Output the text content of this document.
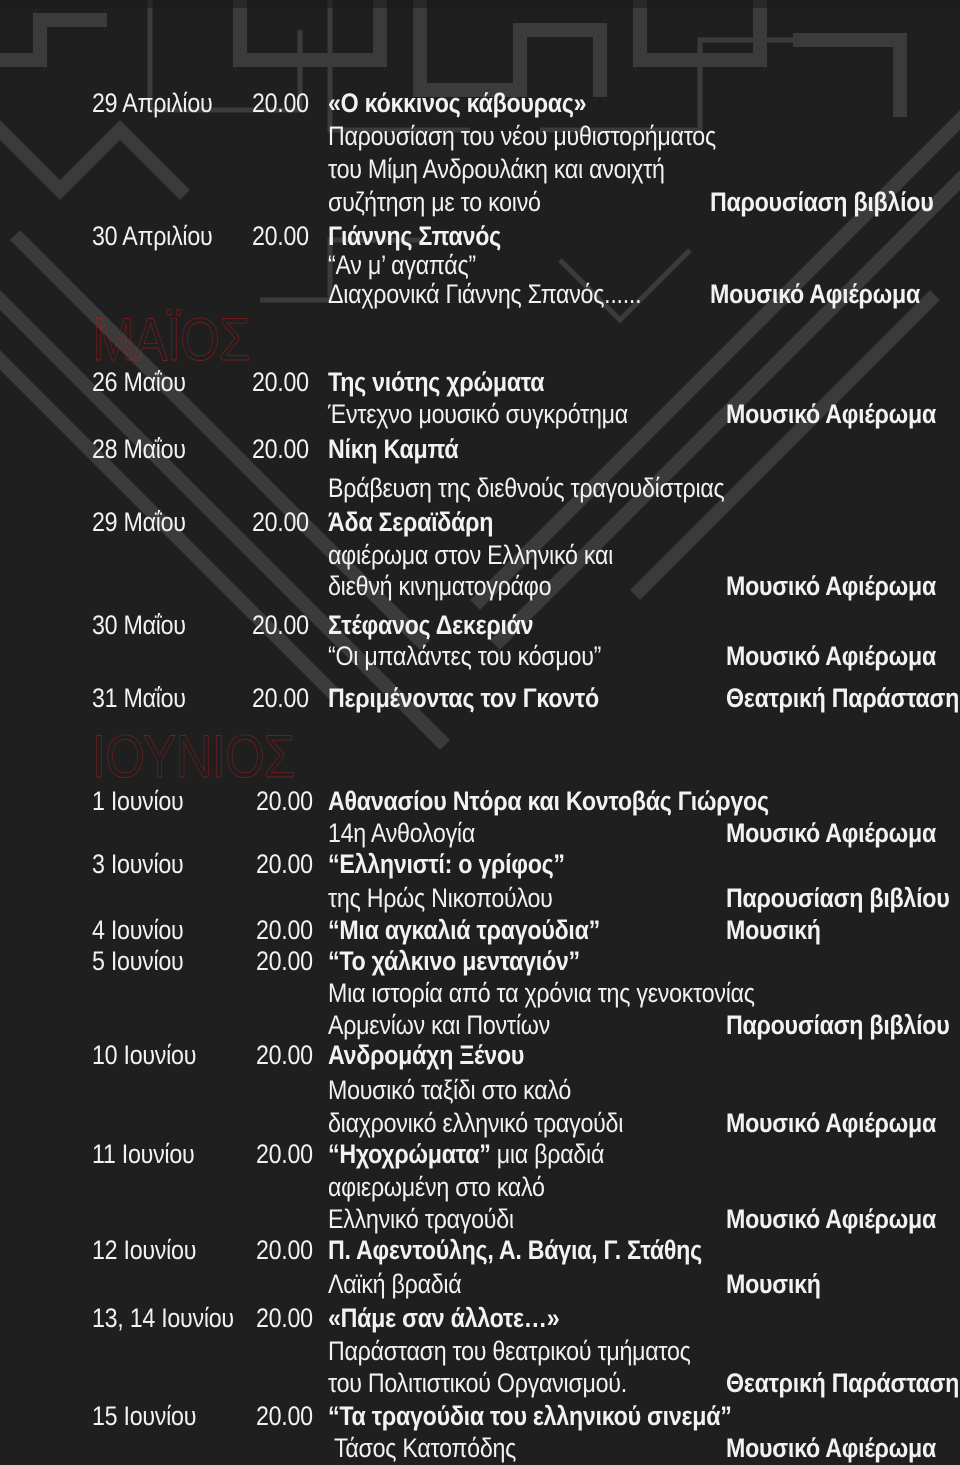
ΜΑΪΟΣ
ΙΟΥΝΙΟΣ
29 Απριλίου 20.00 «Ο κόκκινος κάβουρας»
Παρουσίαση του νέου μυθιστορήματος
του Μίμη Ανδρουλάκη και ανοιχτή
συζήτηση με το κοινό	Παρουσίαση βιβλίου
30 Απριλίου 20.00 Γιάννης Σπανός
“Αν μ’ αγαπάς”
Διαχρονικά Γιάννης Σπανός......	Μουσικό Αφιέρωμα
26 Μαΐου 20.00 Της νιότης χρώματα
Έντεχνο μουσικό συγκρότημα	Μουσικό Αφιέρωμα
28 Μαΐου 20.00 Νίκη Καμπά
Βράβευση της διεθνούς τραγουδίστριας
29 Μαΐου 20.00 Άδα Σεραϊδάρη
αφιέρωμα στον Ελληνικό και
διεθνή κινηματογράφο	Μουσικό Αφιέρωμα
30 Μαΐου 20.00 Στέφανος Δεκεριάν
“Οι μπαλάντες του κόσμου”	Μουσικό Αφιέρωμα
31 Μαΐου 20.00 Περιμένοντας τον Γκοντό	Θεατρική Παράσταση
1 Ιουνίου	20.00 Αθανασίου Ντόρα και Κοντοβάς Γιώργος
14η Ανθολογία	Μουσικό Αφιέρωμα
3 Ιουνίου	20.00 “Ελληνιστί: ο γρίφος”
της Ηρώς Νικοπούλου	Παρουσίαση βιβλίου
4 Ιουνίου	20.00 “Μια αγκαλιά τραγούδια”	Μουσική
5 Ιουνίου	20.00 “Το χάλκινο μενταγιόν”
Μια ιστορία από τα χρόνια της γενοκτονίας
Αρμενίων και Ποντίων	Παρουσίαση βιβλίου
10 Ιουνίου 20.00 Ανδρομάχη Ξένου
Μουσικό ταξίδι στο καλό
διαχρονικό ελληνικό τραγούδι	Μουσικό Αφιέρωμα
11 Ιουνίου 20.00 “Ηχοχρώματα” μια βραδιά
αφιερωμένη στο καλό
Ελληνικό τραγούδι	Μουσικό Αφιέρωμα
12 Ιουνίου 20.00 Π. Αφεντούλης, Α. Βάγια, Γ. Στάθης
Λαϊκή βραδιά	Μουσική
13, 14 Ιουνίου 20.00 «Πάμε σαν άλλοτε…»
Παράσταση του θεατρικού τμήματος
του Πολιτιστικού Οργανισμού.	Θεατρική Παράσταση
15 Ιουνίου 20.00 “Τα τραγούδια του ελληνικού σινεμά”
Τάσος Κατοπόδης	Μουσικό Αφιέρωμα
